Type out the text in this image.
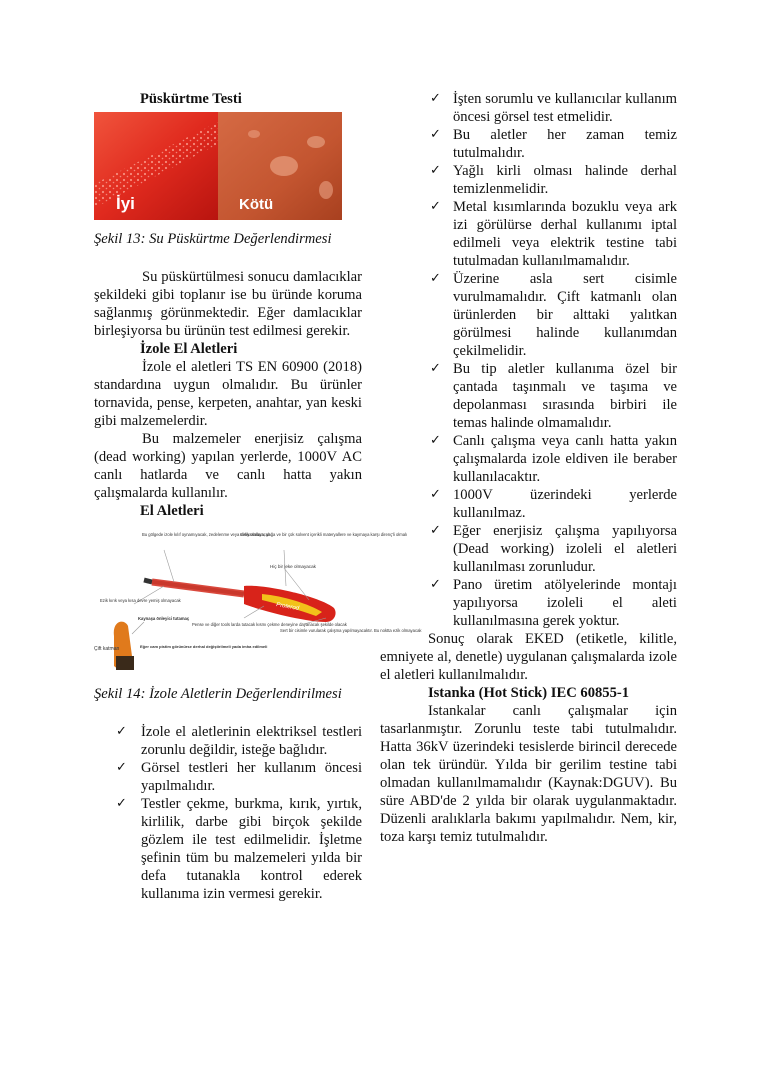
Püskürtme Testi

İyi	Kötü

Şekil 13: Su Püskürtme Değerlendirmesi

Su püskürtülmesi sonucu damlacıklar şekildeki gibi toplanır ise bu üründe koruma sağlanmış görünmektedir. Eğer damlacıklar birleşiyorsa bu ürünün test edilmesi gerekir.

İzole El Aletleri

İzole el aletleri TS EN 60900 (2018) standardına uygun olmalıdır. Bu ürünler tornavida, pense, kerpeten, anahtar, yan keski gibi malzemelerdir.

Bu malzemeler enerjisiz çalışma (dead working) yapılan yerlerde, 1000V AC canlı hatlarda ve canlı hatta yakın çalışmalarda kullanılır.

El Aletleri

Proterod
Bu gölgede izole kılıf oynamıyacak, zedelenme veya delik olmayacak
Kimyasallara, yağa ve bir çok solvent içerikli materyallere ve kaymaya karşı direnç'li olmalı
Hiç bir leke olmayacak
Ezik kırık veya kısa devre yemiş olmayacak
Pense ve diğer tools larda tutacak kısmı çekme deneyine dayanacak şekilde olacak
Sert bir cisimle vurularak çalışma yapılmayacaktır. Bu noktta ezik olmayacak
Kaynaşa önleyici tutamaç
Eğer cam pistim görünürse derhal değiştirilmeli yada imha edilmeli
Çift katman

Şekil 14: İzole Aletlerin Değerlendirilmesi

✓ İzole el aletlerinin elektriksel testleri zorunlu değildir, isteğe bağlıdır.
✓ Görsel testleri her kullanım öncesi yapılmalıdır.
✓ Testler çekme, burkma, kırık, yırtık, kirlilik, darbe gibi birçok şekilde gözlem ile test edilmelidir. İşletme şefinin tüm bu malzemeleri yılda bir defa tutanakla kontrol ederek kullanıma izin vermesi gerekir.
✓ İşten sorumlu ve kullanıcılar kullanım öncesi görsel test etmelidir.
✓ Bu aletler her zaman temiz tutulmalıdır.
✓ Yağlı kirli olması halinde derhal temizlenmelidir.
✓ Metal kısımlarında bozuklu veya ark izi görülürse derhal kullanımı iptal edilmeli veya elektrik testine tabi tutulmadan kullanılmamalıdır.
✓ Üzerine asla sert cisimle vurulmamalıdır. Çift katmanlı olan ürünlerden bir alttaki yalıtkan görülmesi halinde kullanımdan çekilmelidir.
✓ Bu tip aletler kullanıma özel bir çantada taşınmalı ve taşıma ve depolanması sırasında birbiri ile temas halinde olmamalıdır.
✓ Canlı çalışma veya canlı hatta yakın çalışmalarda izole eldiven ile beraber kullanılacaktır.
✓ 1000V üzerindeki yerlerde kullanılmaz.
✓ Eğer enerjisiz çalışma yapılıyorsa (Dead working) izoleli el aletleri kullanılması zorunludur.
✓ Pano üretim atölyelerinde montajı yapılıyorsa izoleli el aleti kullanılmasına gerek yoktur.

Sonuç olarak EKED (etiketle, kilitle, emniyete al, denetle) uygulanan çalışmalarda izole el aletleri kullanılmalıdır.

Istanka (Hot Stick) IEC 60855-1

Istankalar canlı çalışmalar için tasarlanmıştır. Zorunlu teste tabi tutulmalıdır. Hatta 36kV üzerindeki tesislerde birincil derecede olan tek üründür. Yılda bir gerilim testine tabi olmadan kullanılmamalıdır (Kaynak:DGUV). Bu süre ABD'de 2 yılda bir olarak uygulanmaktadır. Düzenli aralıklarla bakımı yapılmalıdır. Nem, kir, toza karşı temiz tutulmalıdır.
